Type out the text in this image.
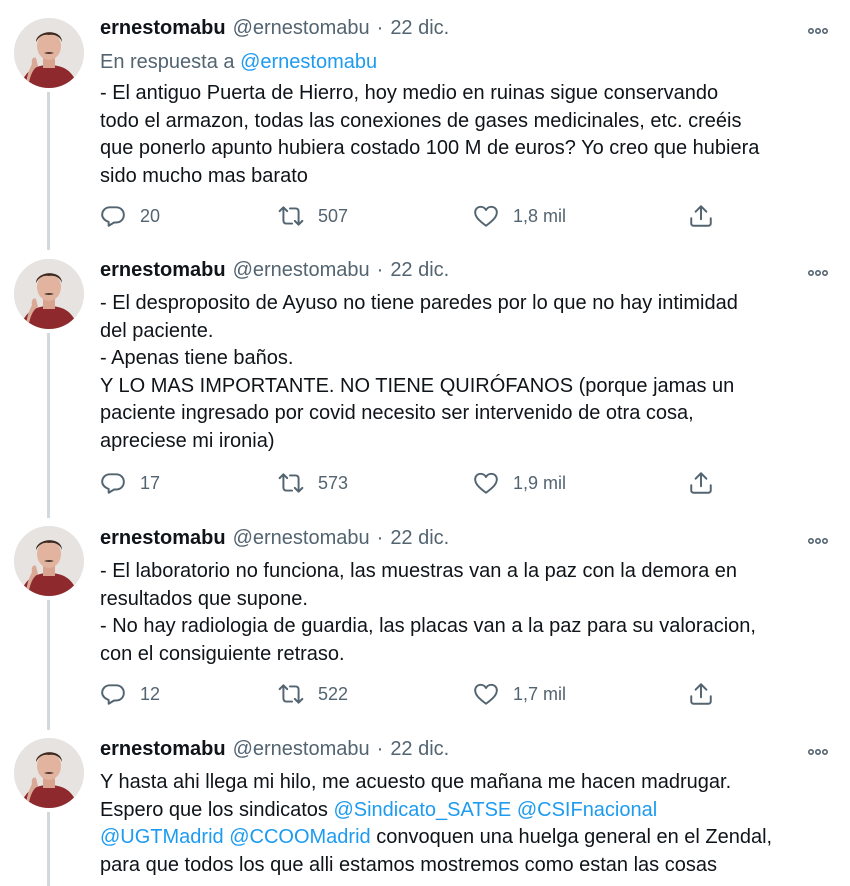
ernestomabu @ernestomabu · 22 dic.
En respuesta a @ernestomabu
- El antiguo Puerta de Hierro, hoy medio en ruinas sigue conservando
todo el armazon, todas las conexiones de gases medicinales, etc. creéis
que ponerlo apunto hubiera costado 100 M de euros? Yo creo que hubiera
sido mucho mas barato
20	507	1,8 mil
ernestomabu @ernestomabu · 22 dic.
- El desproposito de Ayuso no tiene paredes por lo que no hay intimidad
del paciente.
- Apenas tiene baños.
Y LO MAS IMPORTANTE. NO TIENE QUIRÓFANOS (porque jamas un
paciente ingresado por covid necesito ser intervenido de otra cosa,
apreciese mi ironia)
17	573	1,9 mil
ernestomabu @ernestomabu · 22 dic.
- El laboratorio no funciona, las muestras van a la paz con la demora en
resultados que supone.
- No hay radiologia de guardia, las placas van a la paz para su valoracion,
con el consiguiente retraso.
12	522	1,7 mil
ernestomabu @ernestomabu · 22 dic.
Y hasta ahi llega mi hilo, me acuesto que mañana me hacen madrugar.
Espero que los sindicatos @Sindicato_SATSE @CSIFnacional
@UGTMadrid @CCOOMadrid convoquen una huelga general en el Zendal,
para que todos los que alli estamos mostremos como estan las cosas
